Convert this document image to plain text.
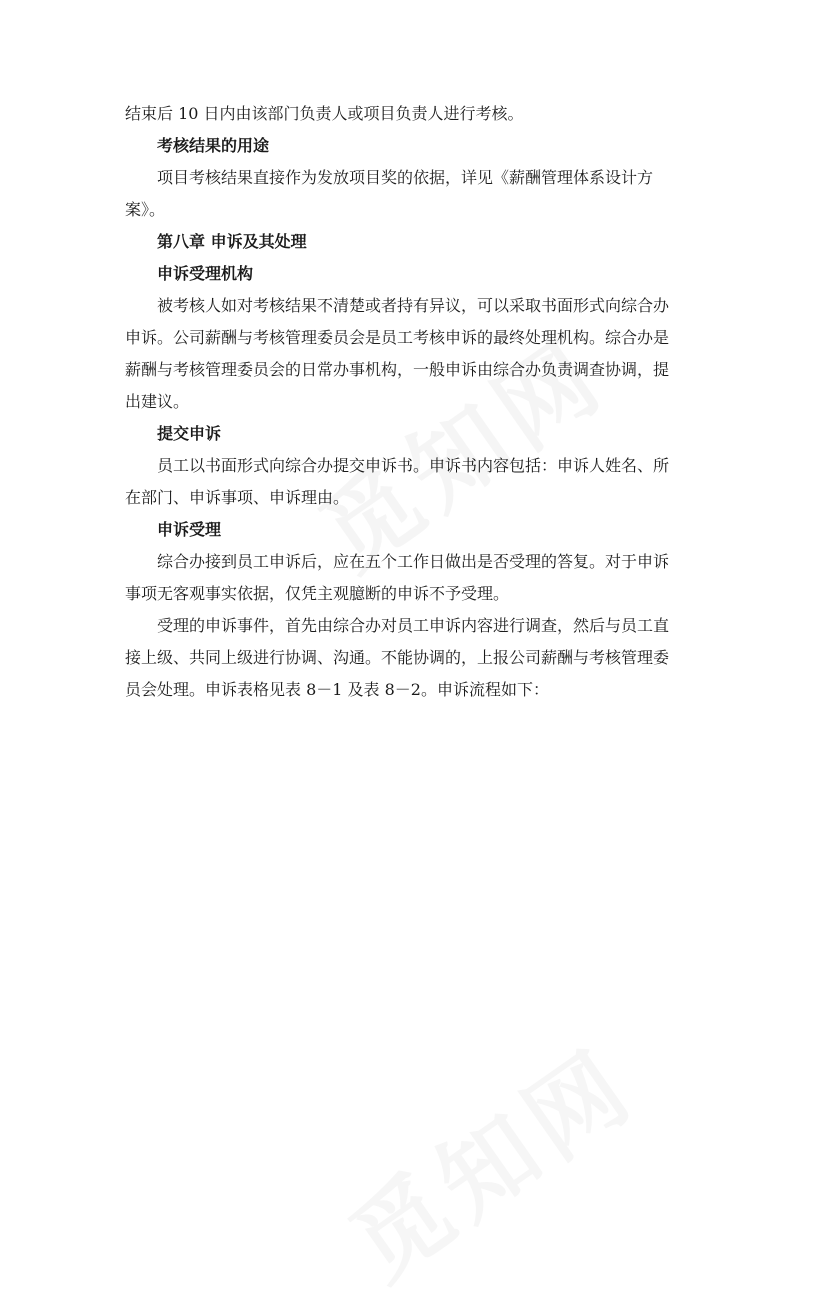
结束后 10 日内由该部门负责人或项目负责人进行考核。

考核结果的用途

项目考核结果直接作为发放项目奖的依据，详见《薪酬管理体系设计方

案》。

第八章 申诉及其处理

申诉受理机构

被考核人如对考核结果不清楚或者持有异议，可以采取书面形式向综合办

申诉。公司薪酬与考核管理委员会是员工考核申诉的最终处理机构。综合办是

薪酬与考核管理委员会的日常办事机构，一般申诉由综合办负责调查协调，提

出建议。

提交申诉

员工以书面形式向综合办提交申诉书。申诉书内容包括：申诉人姓名、所

在部门、申诉事项、申诉理由。

申诉受理

综合办接到员工申诉后，应在五个工作日做出是否受理的答复。对于申诉

事项无客观事实依据，仅凭主观臆断的申诉不予受理。

受理的申诉事件，首先由综合办对员工申诉内容进行调查，然后与员工直

接上级、共同上级进行协调、沟通。不能协调的，上报公司薪酬与考核管理委

员会处理。申诉表格见表 8－1 及表 8－2。申诉流程如下：
